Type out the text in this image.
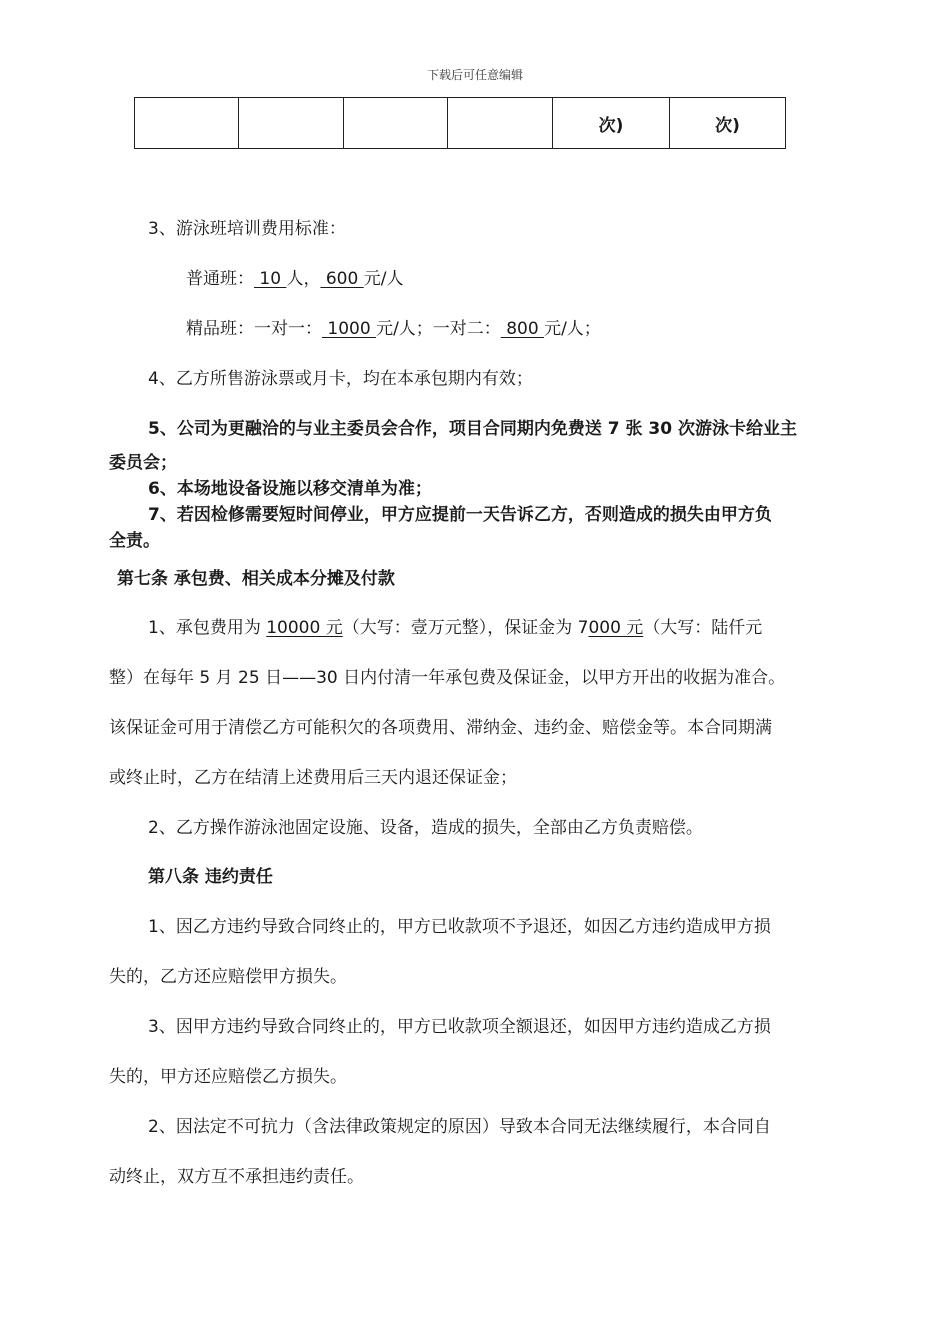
下载后可任意编辑
				次)	次)
3、游泳班培训费用标准：
普通班： 10 人， 600 元/人
精品班：一对一： 1000 元/人；一对二： 800 元/人；
4、乙方所售游泳票或月卡，均在本承包期内有效；
5、公司为更融洽的与业主委员会合作，项目合同期内免费送 7 张 30 次游泳卡给业主
委员会；
6、本场地设备设施以移交清单为准；
7、若因检修需要短时间停业，甲方应提前一天告诉乙方，否则造成的损失由甲方负
全责。
第七条 承包费、相关成本分摊及付款
1、承包费用为 10000 元（大写：壹万元整），保证金为 7000 元（大写：陆仟元
整）在每年 5 月 25 日——30 日内付清一年承包费及保证金，以甲方开出的收据为准合。
该保证金可用于清偿乙方可能积欠的各项费用、滞纳金、违约金、赔偿金等。本合同期满
或终止时，乙方在结清上述费用后三天内退还保证金；
2、乙方操作游泳池固定设施、设备，造成的损失，全部由乙方负责赔偿。
第八条 违约责任
1、因乙方违约导致合同终止的，甲方已收款项不予退还，如因乙方违约造成甲方损
失的，乙方还应赔偿甲方损失。
3、因甲方违约导致合同终止的，甲方已收款项全额退还，如因甲方违约造成乙方损
失的，甲方还应赔偿乙方损失。
2、因法定不可抗力（含法律政策规定的原因）导致本合同无法继续履行，本合同自
动终止，双方互不承担违约责任。
